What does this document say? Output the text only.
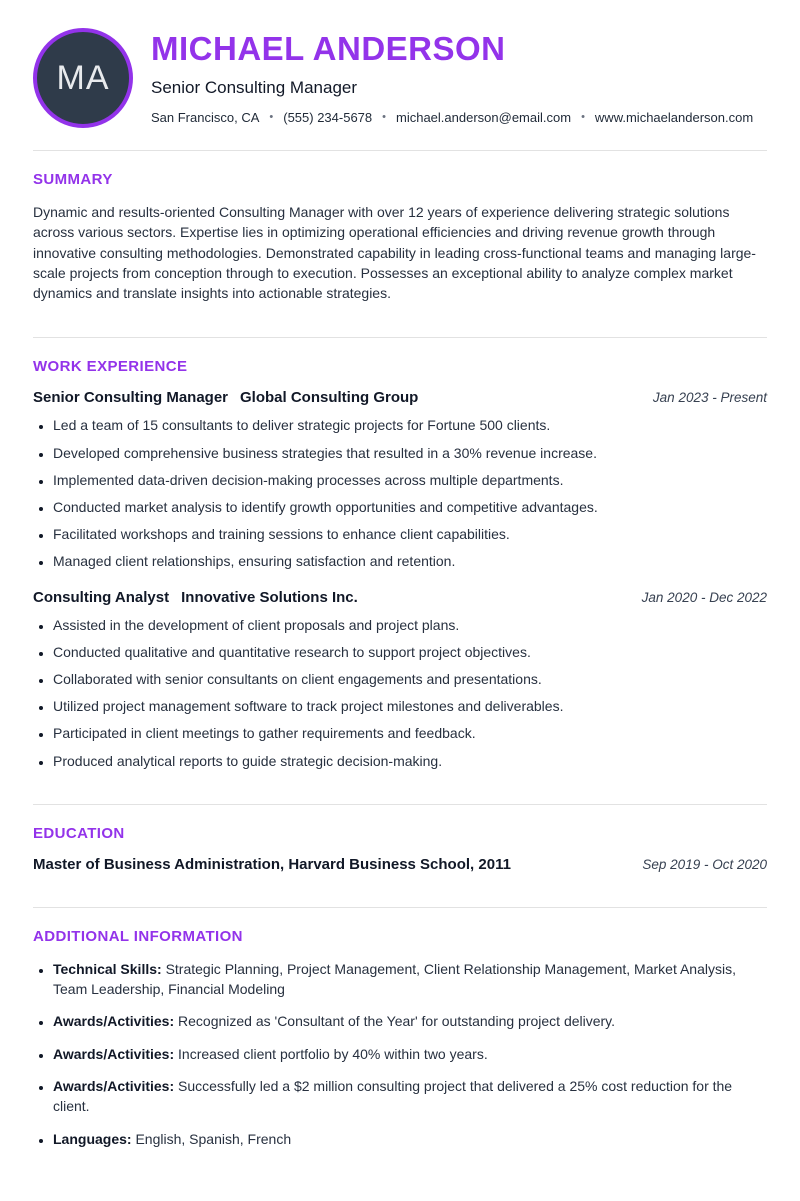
MA
MICHAEL ANDERSON
Senior Consulting Manager
San Francisco, CA • (555) 234-5678 • michael.anderson@email.com • www.michaelanderson.com
SUMMARY
Dynamic and results-oriented Consulting Manager with over 12 years of experience delivering strategic solutions across various sectors. Expertise lies in optimizing operational efficiencies and driving revenue growth through innovative consulting methodologies. Demonstrated capability in leading cross-functional teams and managing large-scale projects from conception through to execution. Possesses an exceptional ability to analyze complex market dynamics and translate insights into actionable strategies.
WORK EXPERIENCE
Senior Consulting Manager Global Consulting Group	Jan 2023 - Present
• Led a team of 15 consultants to deliver strategic projects for Fortune 500 clients.
• Developed comprehensive business strategies that resulted in a 30% revenue increase.
• Implemented data-driven decision-making processes across multiple departments.
• Conducted market analysis to identify growth opportunities and competitive advantages.
• Facilitated workshops and training sessions to enhance client capabilities.
• Managed client relationships, ensuring satisfaction and retention.
Consulting Analyst Innovative Solutions Inc.	Jan 2020 - Dec 2022
• Assisted in the development of client proposals and project plans.
• Conducted qualitative and quantitative research to support project objectives.
• Collaborated with senior consultants on client engagements and presentations.
• Utilized project management software to track project milestones and deliverables.
• Participated in client meetings to gather requirements and feedback.
• Produced analytical reports to guide strategic decision-making.
EDUCATION
Master of Business Administration, Harvard Business School, 2011	Sep 2019 - Oct 2020
ADDITIONAL INFORMATION
• Technical Skills: Strategic Planning, Project Management, Client Relationship Management, Market Analysis, Team Leadership, Financial Modeling
• Awards/Activities: Recognized as 'Consultant of the Year' for outstanding project delivery.
• Awards/Activities: Increased client portfolio by 40% within two years.
• Awards/Activities: Successfully led a $2 million consulting project that delivered a 25% cost reduction for the client.
• Languages: English, Spanish, French
